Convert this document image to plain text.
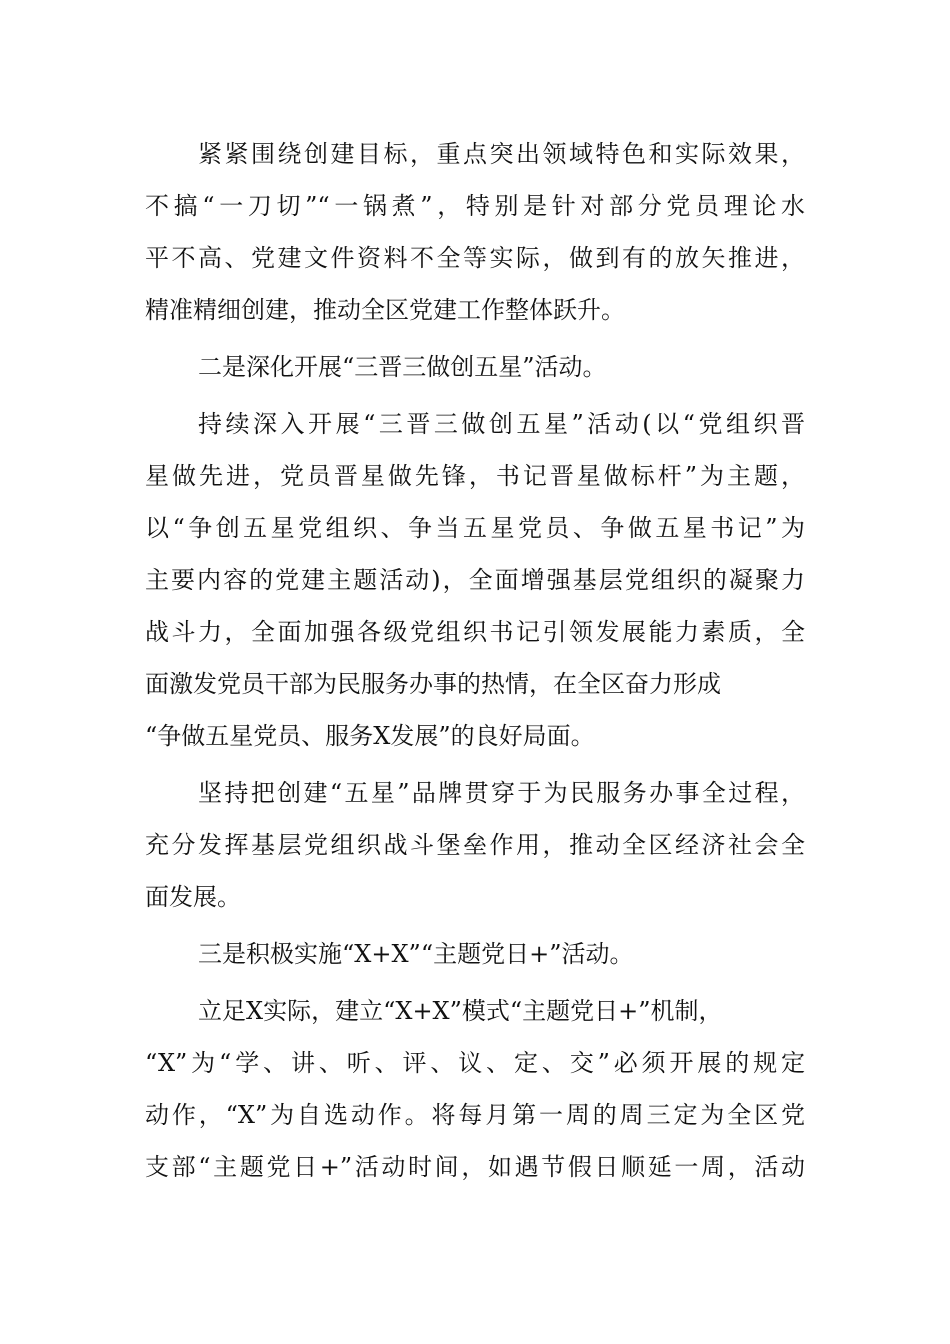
紧紧围绕创建目标，重点突出领域特色和实际效果，
不搞“一刀切”“一锅煮”，特别是针对部分党员理论水
平不高、党建文件资料不全等实际，做到有的放矢推进，
精准精细创建，推动全区党建工作整体跃升。
二是深化开展“三晋三做创五星”活动。
持续深入开展“三晋三做创五星”活动(以“党组织晋
星做先进，党员晋星做先锋，书记晋星做标杆”为主题，
以“争创五星党组织、争当五星党员、争做五星书记”为
主要内容的党建主题活动)，全面增强基层党组织的凝聚力
战斗力，全面加强各级党组织书记引领发展能力素质，全
面激发党员干部为民服务办事的热情，在全区奋力形成
“争做五星党员、服务X发展”的良好局面。
坚持把创建“五星”品牌贯穿于为民服务办事全过程，
充分发挥基层党组织战斗堡垒作用，推动全区经济社会全
面发展。
三是积极实施“X+X”“主题党日+”活动。
立足X实际，建立“X+X”模式“主题党日+”机制，
“X”为“学、讲、听、评、议、定、交”必须开展的规定
动作，“X”为自选动作。将每月第一周的周三定为全区党
支部“主题党日+”活动时间，如遇节假日顺延一周，活动
